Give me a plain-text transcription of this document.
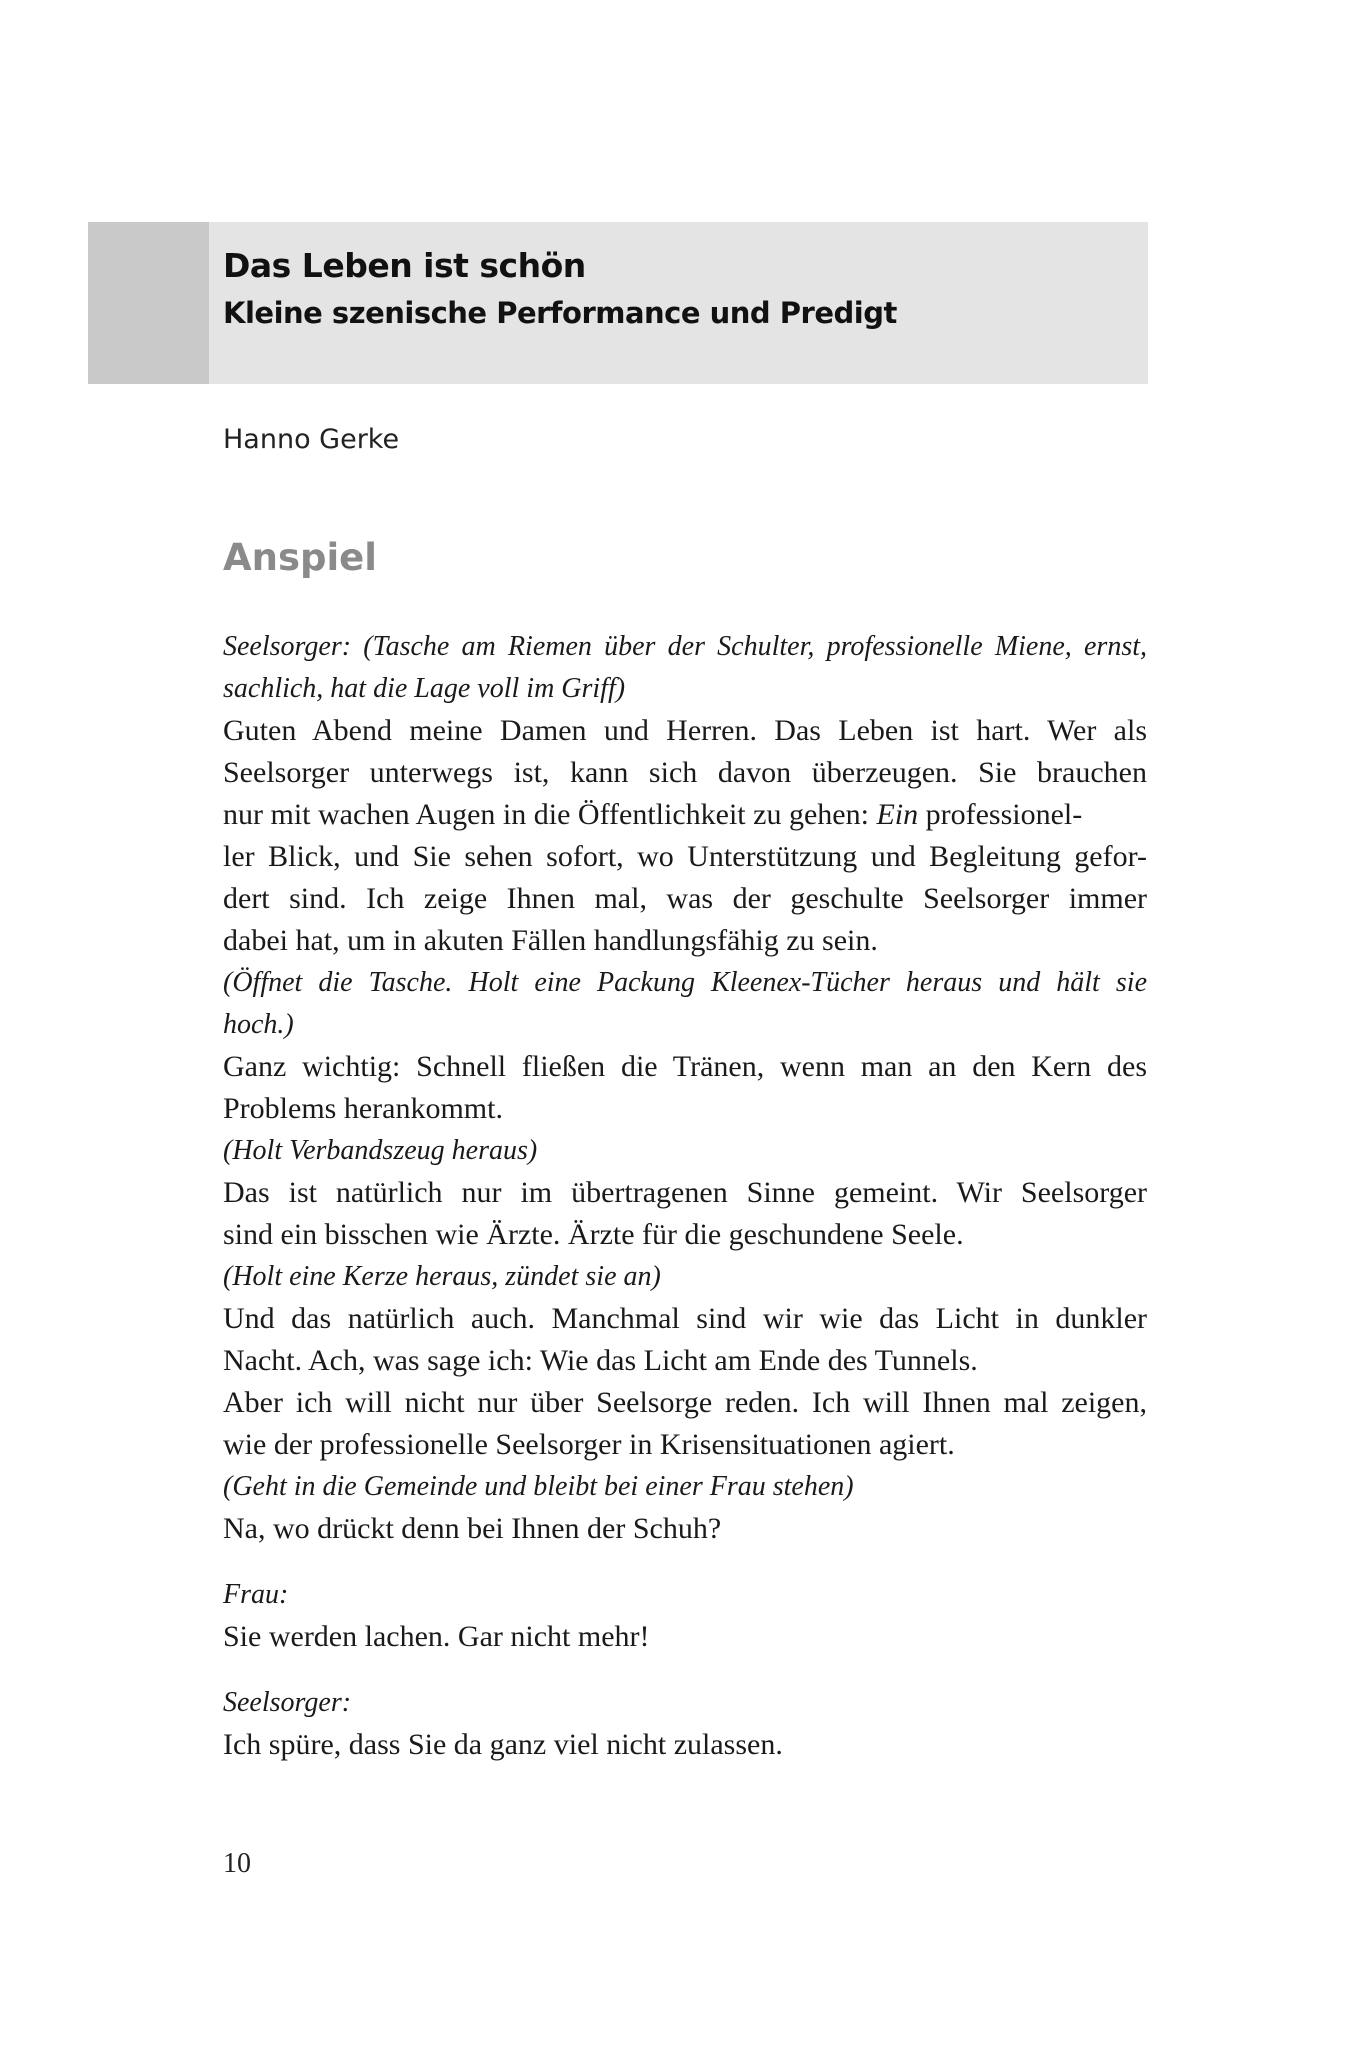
Das Leben ist schön
Kleine szenische Performance und Predigt
Hanno Gerke
Anspiel
Seelsorger: (Tasche am Riemen über der Schulter, professionelle Miene, ernst,
sachlich, hat die Lage voll im Griff)
Guten Abend meine Damen und Herren. Das Leben ist hart. Wer als
Seelsorger unterwegs ist, kann sich davon überzeugen. Sie brauchen
nur mit wachen Augen in die Öffentlichkeit zu gehen: Ein professionel-
ler Blick, und Sie sehen sofort, wo Unterstützung und Begleitung gefor-
dert sind. Ich zeige Ihnen mal, was der geschulte Seelsorger immer
dabei hat, um in akuten Fällen handlungsfähig zu sein.
(Öffnet die Tasche. Holt eine Packung Kleenex-Tücher heraus und hält sie
hoch.)
Ganz wichtig: Schnell fließen die Tränen, wenn man an den Kern des
Problems herankommt.
(Holt Verbandszeug heraus)
Das ist natürlich nur im übertragenen Sinne gemeint. Wir Seelsorger
sind ein bisschen wie Ärzte. Ärzte für die geschundene Seele.
(Holt eine Kerze heraus, zündet sie an)
Und das natürlich auch. Manchmal sind wir wie das Licht in dunkler
Nacht. Ach, was sage ich: Wie das Licht am Ende des Tunnels.
Aber ich will nicht nur über Seelsorge reden. Ich will Ihnen mal zeigen,
wie der professionelle Seelsorger in Krisensituationen agiert.
(Geht in die Gemeinde und bleibt bei einer Frau stehen)
Na, wo drückt denn bei Ihnen der Schuh?
Frau:
Sie werden lachen. Gar nicht mehr!
Seelsorger:
Ich spüre, dass Sie da ganz viel nicht zulassen.
10
